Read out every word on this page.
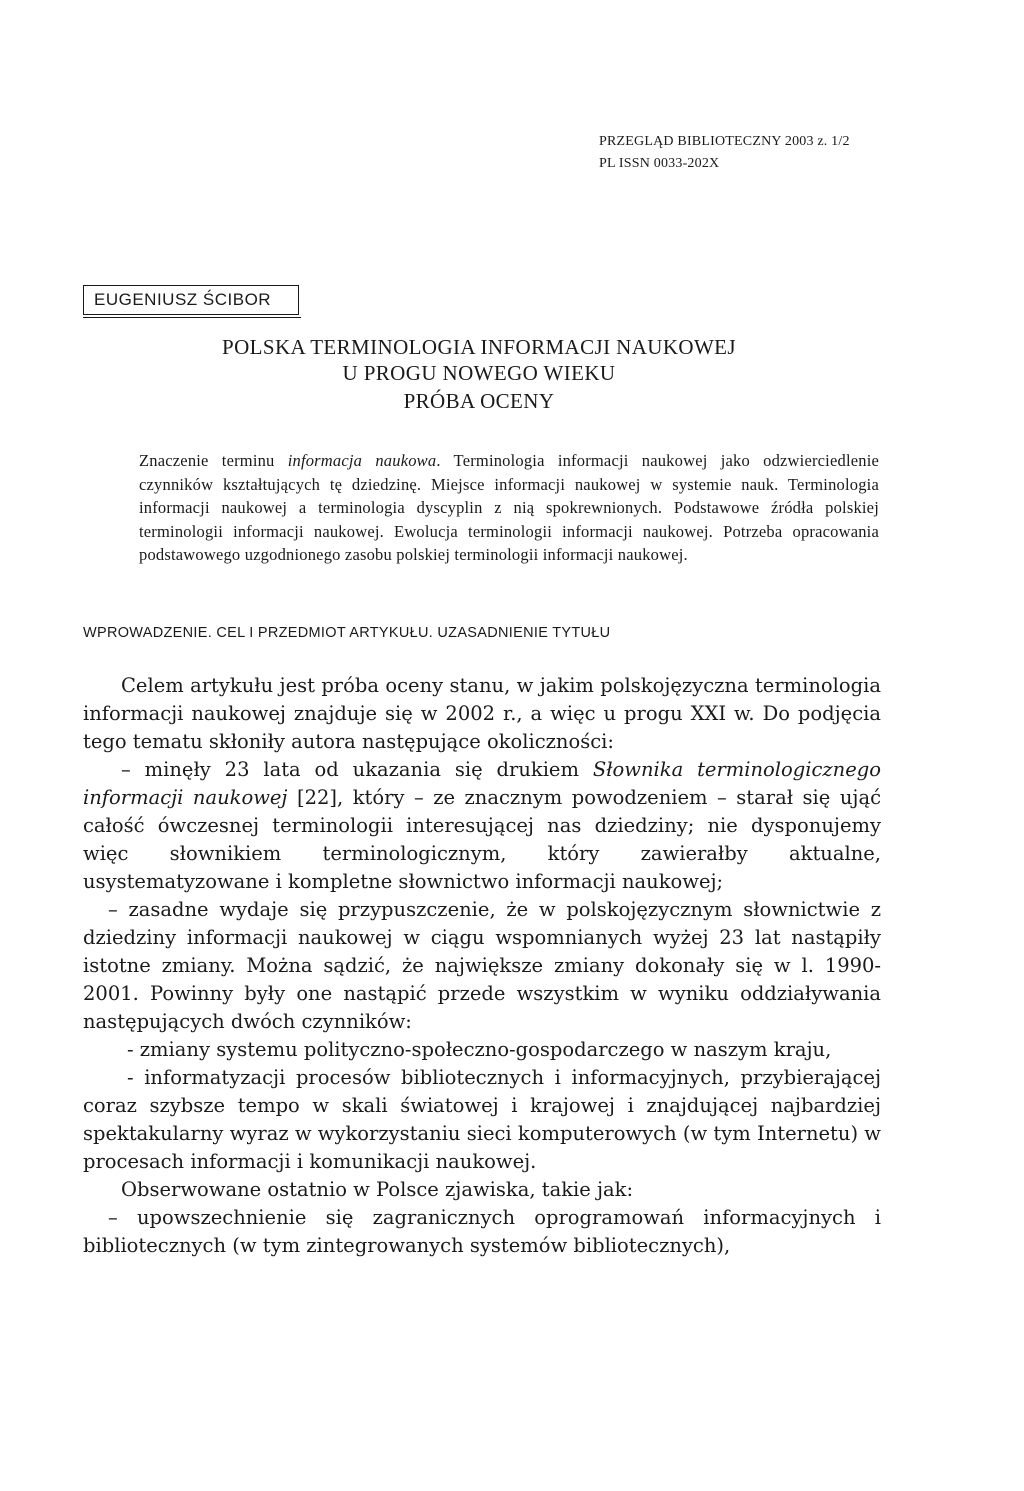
PRZEGLĄD BIBLIOTECZNY 2003 z. 1/2
PL ISSN 0033-202X
EUGENIUSZ ŚCIBOR
POLSKA TERMINOLOGIA INFORMACJI NAUKOWEJ
U PROGU NOWEGO WIEKU
PRÓBA OCENY

Znaczenie terminu informacja naukowa. Terminologia informacji naukowej jako odzwierciedlenie czynników kształtujących tę dziedzinę. Miejsce informacji naukowej w systemie nauk. Terminologia informacji naukowej a terminologia dyscyplin z nią spokrewnionych. Podstawowe źródła polskiej terminologii informacji naukowej. Ewolucja terminologii informacji naukowej. Potrzeba opracowania podstawowego uzgodnionego zasobu polskiej terminologii informacji naukowej.

WPROWADZENIE. CEL I PRZEDMIOT ARTYKUŁU. UZASADNIENIE TYTUŁU

Celem artykułu jest próba oceny stanu, w jakim polskojęzyczna terminologia informacji naukowej znajduje się w 2002 r., a więc u progu XXI w. Do podjęcia tego tematu skłoniły autora następujące okoliczności:

– minęły 23 lata od ukazania się drukiem Słownika terminologicznego informacji naukowej [22], który – ze znacznym powodzeniem – starał się ująć całość ówczesnej terminologii interesującej nas dziedziny; nie dysponujemy więc słownikiem terminologicznym, który zawierałby aktualne, usystematyzowane i kompletne słownictwo informacji naukowej;

– zasadne wydaje się przypuszczenie, że w polskojęzycznym słownictwie z dziedziny informacji naukowej w ciągu wspomnianych wyżej 23 lat nastąpiły istotne zmiany. Można sądzić, że największe zmiany dokonały się w l. 1990-2001. Powinny były one nastąpić przede wszystkim w wyniku oddziaływania następujących dwóch czynników:

- zmiany systemu polityczno-społeczno-gospodarczego w naszym kraju,

- informatyzacji procesów bibliotecznych i informacyjnych, przybierającej coraz szybsze tempo w skali światowej i krajowej i znajdującej najbardziej spektakularny wyraz w wykorzystaniu sieci komputerowych (w tym Internetu) w procesach informacji i komunikacji naukowej.

Obserwowane ostatnio w Polsce zjawiska, takie jak:

– upowszechnienie się zagranicznych oprogramowań informacyjnych i bibliotecznych (w tym zintegrowanych systemów bibliotecznych),
